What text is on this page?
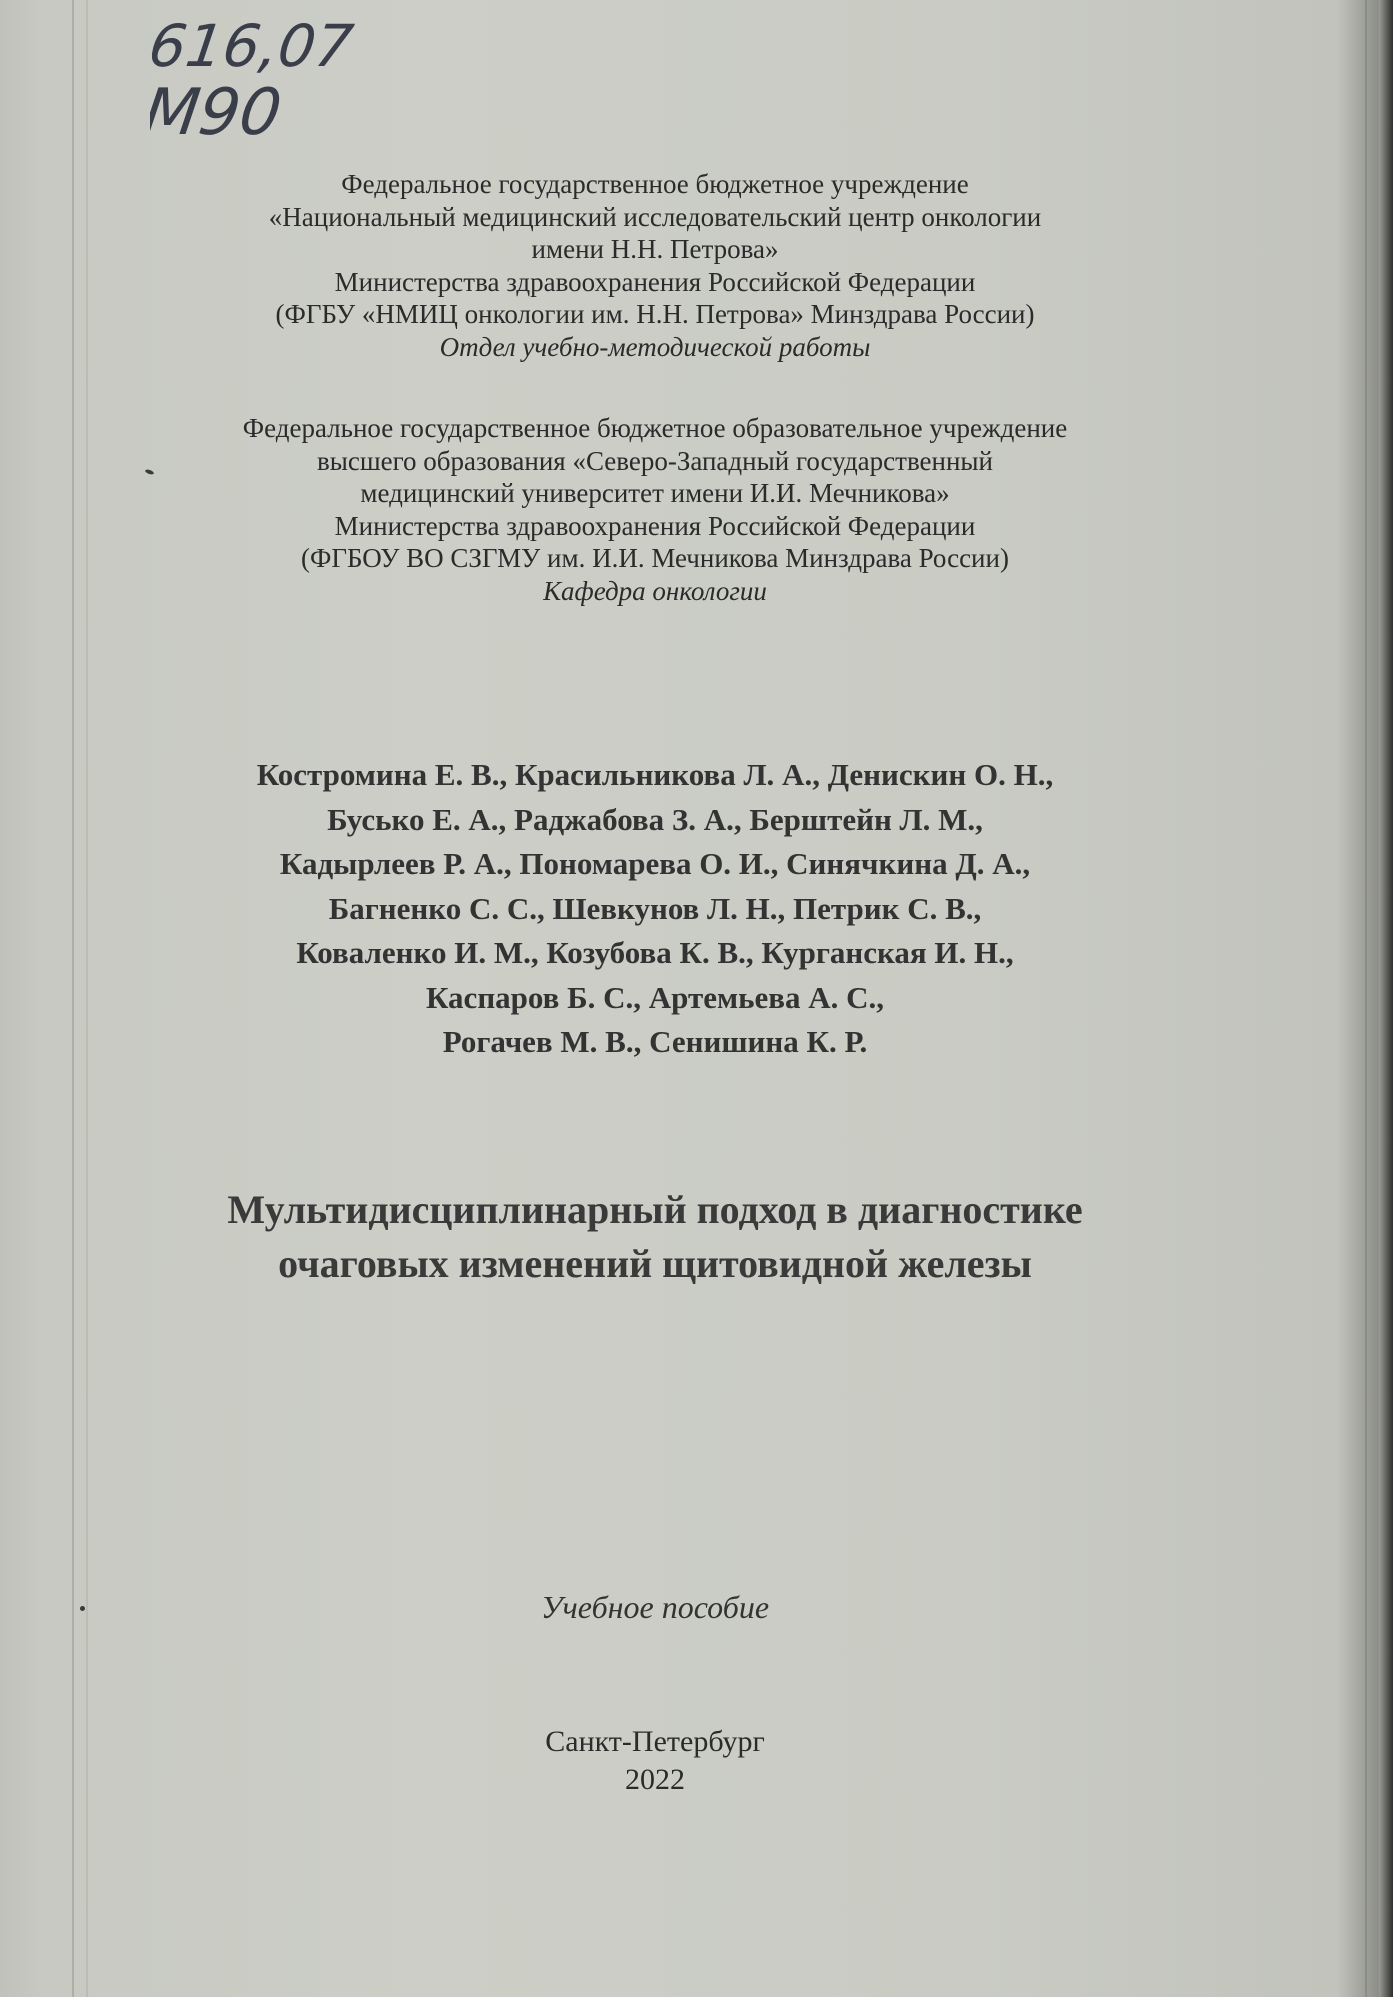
616,07
M90
Федеральное государственное бюджетное учреждение
«Национальный медицинский исследовательский центр онкологии
имени Н.Н. Петрова»
Министерства здравоохранения Российской Федерации
(ФГБУ «НМИЦ онкологии им. Н.Н. Петрова» Минздрава России)
Отдел учебно-методической работы
Федеральное государственное бюджетное образовательное учреждение
высшего образования «Северо-Западный государственный
медицинский университет имени И.И. Мечникова»
Министерства здравоохранения Российской Федерации
(ФГБОУ ВО СЗГМУ им. И.И. Мечникова Минздрава России)
Кафедра онкологии
Костромина Е. В., Красильникова Л. А., Денискин О. Н.,
Бусько Е. А., Раджабова З. А., Берштейн Л. М.,
Кадырлеев Р. А., Пономарева О. И., Синячкина Д. А.,
Багненко С. С., Шевкунов Л. Н., Петрик С. В.,
Коваленко И. М., Козубова К. В., Курганская И. Н.,
Каспаров Б. С., Артемьева А. С.,
Рогачев М. В., Сенишина К. Р.
Мультидисциплинарный подход в диагностике
очаговых изменений щитовидной железы
Учебное пособие
Санкт-Петербург
2022
